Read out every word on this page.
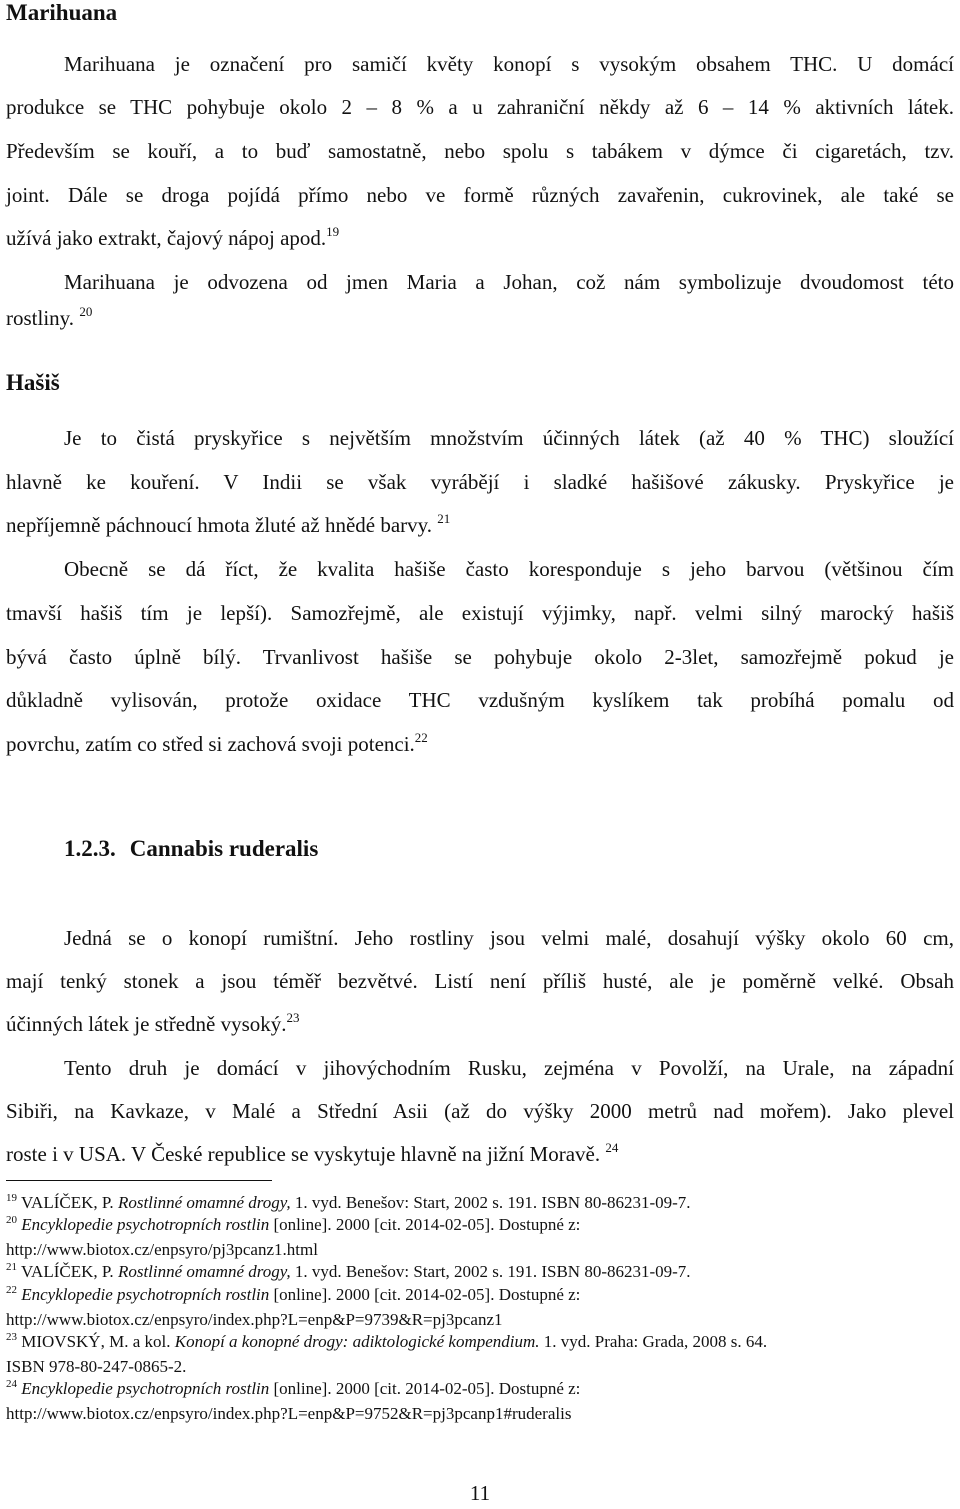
Marihuana
Marihuana je označení pro samičí květy konopí s vysokým obsahem THC. U domácí
produkce se THC pohybuje okolo 2 – 8 % a u zahraniční někdy až 6 – 14 % aktivních látek.
Především se kouří, a to buď samostatně, nebo spolu s tabákem v dýmce či cigaretách, tzv.
joint. Dále se droga pojídá přímo nebo ve formě různých zavařenin, cukrovinek, ale také se
užívá jako extrakt, čajový nápoj apod.$^{19}$
Marihuana je odvozena od jmen Maria a Johan, což nám symbolizuje dvoudomost této
rostliny. $^{20}$
Hašiš
Je to čistá pryskyřice s největším množstvím účinných látek (až 40 % THC) sloužící
hlavně ke kouření. V Indii se však vyrábějí i sladké hašišové zákusky. Pryskyřice je
nepříjemně páchnoucí hmota žluté až hnědé barvy. $^{21}$
Obecně se dá říct, že kvalita hašiše často koresponduje s jeho barvou (většinou čím
tmavší hašiš tím je lepší). Samozřejmě, ale existují výjimky, např. velmi silný marocký hašiš
bývá často úplně bílý. Trvanlivost hašiše se pohybuje okolo 2-3let, samozřejmě pokud je
důkladně vylisován, protože oxidace THC vzdušným kyslíkem tak probíhá pomalu od
povrchu, zatím co střed si zachová svoji potenci.$^{22}$
1.2.3. Cannabis ruderalis
Jedná se o konopí rumištní. Jeho rostliny jsou velmi malé, dosahují výšky okolo 60 cm,
mají tenký stonek a jsou téměř bezvětvé. Listí není příliš husté, ale je poměrně velké. Obsah
účinných látek je středně vysoký.$^{23}$
Tento druh je domácí v jihovýchodním Rusku, zejména v Povolží, na Urale, na západní
Sibiři, na Kavkaze, v Malé a Střední Asii (až do výšky 2000 metrů nad mořem). Jako plevel
roste i v USA. V České republice se vyskytuje hlavně na jižní Moravě. $^{24}$
$^{19}$ VALÍČEK, P. Rostlinné omamné drogy, 1. vyd. Benešov: Start, 2002 s. 191. ISBN 80-86231-09-7.
$^{20}$ Encyklopedie psychotropních rostlin [online]. 2000 [cit. 2014-02-05]. Dostupné z:
http://www.biotox.cz/enpsyro/pj3pcanz1.html
$^{21}$ VALÍČEK, P. Rostlinné omamné drogy, 1. vyd. Benešov: Start, 2002 s. 191. ISBN 80-86231-09-7.
$^{22}$ Encyklopedie psychotropních rostlin [online]. 2000 [cit. 2014-02-05]. Dostupné z:
http://www.biotox.cz/enpsyro/index.php?L=enp&P=9739&R=pj3pcanz1
$^{23}$ MIOVSKÝ, M. a kol. Konopí a konopné drogy: adiktologické kompendium. 1. vyd. Praha: Grada, 2008 s. 64.
ISBN 978-80-247-0865-2.
$^{24}$ Encyklopedie psychotropních rostlin [online]. 2000 [cit. 2014-02-05]. Dostupné z:
http://www.biotox.cz/enpsyro/index.php?L=enp&P=9752&R=pj3pcanp1#ruderalis
11
